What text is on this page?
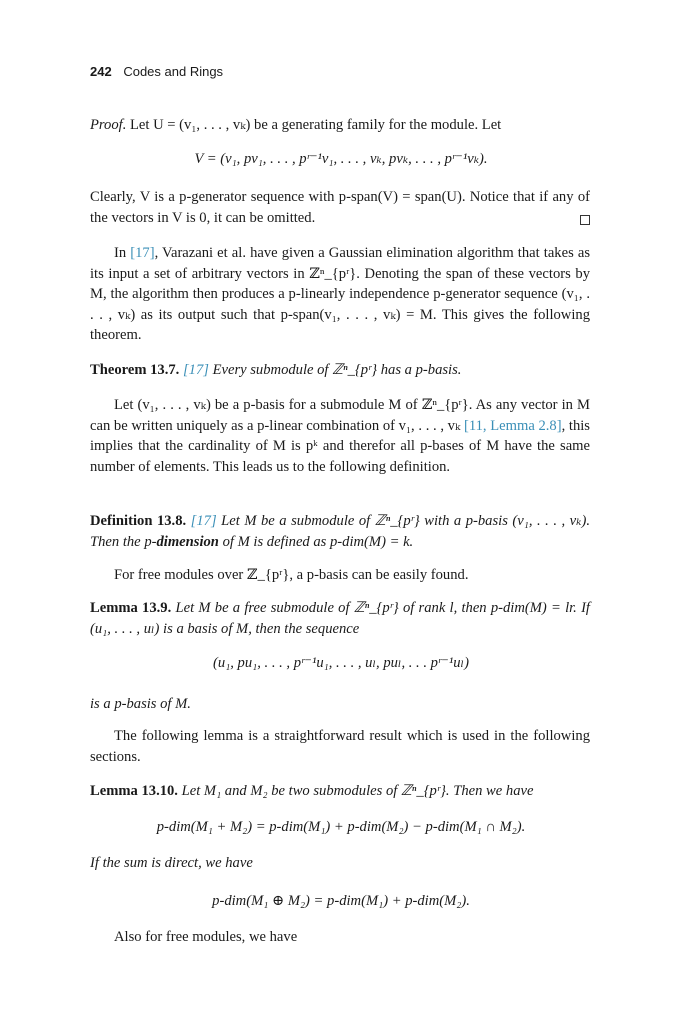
242 Codes and Rings
Proof. Let U = (v₁, . . . , vₖ) be a generating family for the module. Let
V = (v₁, pv₁, . . . , pʳ⁻¹v₁, . . . , vₖ, pvₖ, . . . , pʳ⁻¹vₖ).
Clearly, V is a p-generator sequence with p-span(V) = span(U). Notice that if any of the vectors in V is 0, it can be omitted.
In [17], Varazani et al. have given a Gaussian elimination algorithm that takes as its input a set of arbitrary vectors in ℤⁿ_{pʳ}. Denoting the span of these vectors by M, the algorithm then produces a p-linearly independence p-generator sequence (v₁, . . . , vₖ) as its output such that p-span(v₁, . . . , vₖ) = M. This gives the following theorem.
Theorem 13.7. [17] Every submodule of ℤⁿ_{pʳ} has a p-basis.
Let (v₁, . . . , vₖ) be a p-basis for a submodule M of ℤⁿ_{pʳ}. As any vector in M can be written uniquely as a p-linear combination of v₁, . . . , vₖ [11, Lemma 2.8], this implies that the cardinality of M is pᵏ and therefor all p-bases of M have the same number of elements. This leads us to the following definition.
Definition 13.8. [17] Let M be a submodule of ℤⁿ_{pʳ} with a p-basis (v₁, . . . , vₖ). Then the p-dimension of M is defined as p-dim(M) = k.
For free modules over ℤ_{pʳ}, a p-basis can be easily found.
Lemma 13.9. Let M be a free submodule of ℤⁿ_{pʳ} of rank l, then p-dim(M) = lr. If (u₁, . . . , uₗ) is a basis of M, then the sequence
(u₁, pu₁, . . . , pʳ⁻¹u₁, . . . , uₗ, puₗ, . . . pʳ⁻¹uₗ)
is a p-basis of M.
The following lemma is a straightforward result which is used in the following sections.
Lemma 13.10. Let M₁ and M₂ be two submodules of ℤⁿ_{pʳ}. Then we have
p-dim(M₁ + M₂) = p-dim(M₁) + p-dim(M₂) − p-dim(M₁ ∩ M₂).
If the sum is direct, we have
p-dim(M₁ ⊕ M₂) = p-dim(M₁) + p-dim(M₂).
Also for free modules, we have
